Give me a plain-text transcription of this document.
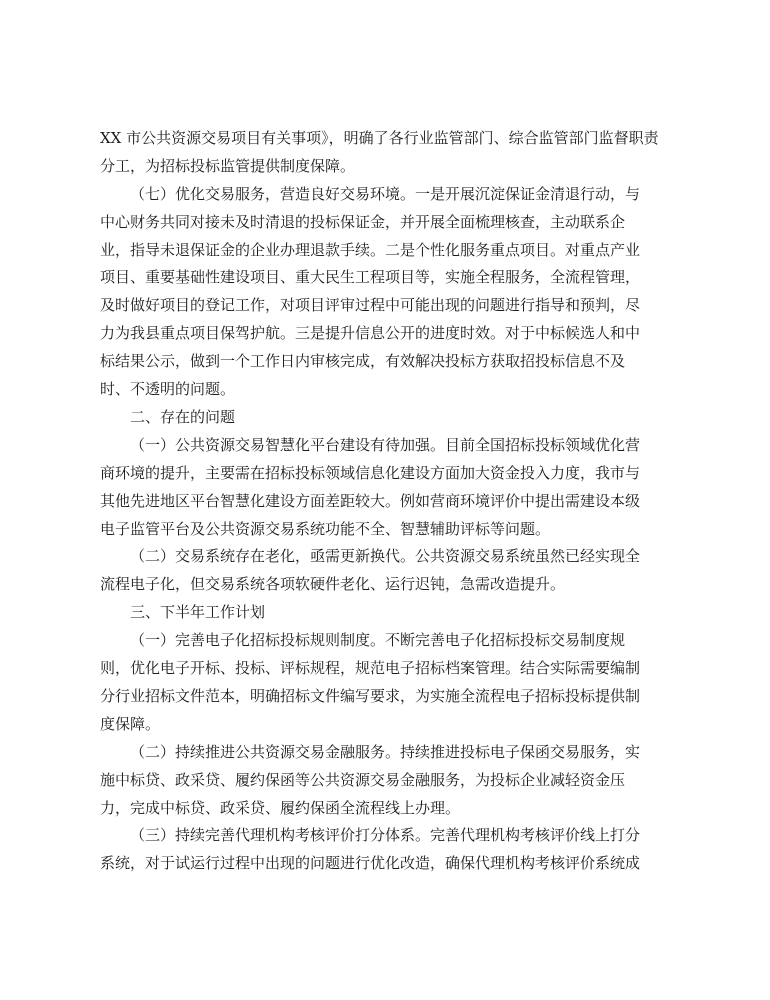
XX 市公共资源交易项目有关事项》，明确了各行业监管部门、综合监管部门监督职责
分工，为招标投标监管提供制度保障。
（七）优化交易服务，营造良好交易环境。一是开展沉淀保证金清退行动，与
中心财务共同对接未及时清退的投标保证金，并开展全面梳理核查，主动联系企
业，指导未退保证金的企业办理退款手续。二是个性化服务重点项目。对重点产业
项目、重要基础性建设项目、重大民生工程项目等，实施全程服务，全流程管理，
及时做好项目的登记工作，对项目评审过程中可能出现的问题进行指导和预判，尽
力为我县重点项目保驾护航。三是提升信息公开的进度时效。对于中标候选人和中
标结果公示，做到一个工作日内审核完成，有效解决投标方获取招投标信息不及
时、不透明的问题。
二、存在的问题
（一）公共资源交易智慧化平台建设有待加强。目前全国招标投标领域优化营
商环境的提升，主要需在招标投标领域信息化建设方面加大资金投入力度，我市与
其他先进地区平台智慧化建设方面差距较大。例如营商环境评价中提出需建设本级
电子监管平台及公共资源交易系统功能不全、智慧辅助评标等问题。
（二）交易系统存在老化，亟需更新换代。公共资源交易系统虽然已经实现全
流程电子化，但交易系统各项软硬件老化、运行迟钝，急需改造提升。
三、下半年工作计划
（一）完善电子化招标投标规则制度。不断完善电子化招标投标交易制度规
则，优化电子开标、投标、评标规程，规范电子招标档案管理。结合实际需要编制
分行业招标文件范本，明确招标文件编写要求，为实施全流程电子招标投标提供制
度保障。
（二）持续推进公共资源交易金融服务。持续推进投标电子保函交易服务，实
施中标贷、政采贷、履约保函等公共资源交易金融服务，为投标企业减轻资金压
力，完成中标贷、政采贷、履约保函全流程线上办理。
（三）持续完善代理机构考核评价打分体系。完善代理机构考核评价线上打分
系统，对于试运行过程中出现的问题进行优化改造，确保代理机构考核评价系统成
